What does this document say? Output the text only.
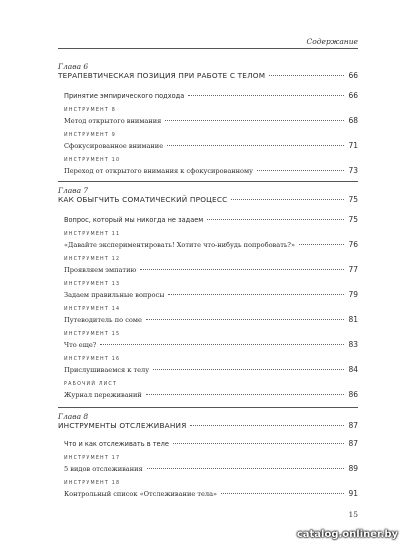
Содержание
Глава 6
ТЕРАПЕВТИЧЕСКАЯ ПОЗИЦИЯ ПРИ РАБОТЕ С ТЕЛОМ	66
Принятие эмпирического подхода	66
ИНСТРУМЕНТ 8
Метод открытого внимания	68
ИНСТРУМЕНТ 9
Сфокусированное внимание	71
ИНСТРУМЕНТ 10
Переход от открытого внимания к сфокусированному	73
Глава 7
КАК ОБЫГЧИТЬ СОМАТИЧЕСКИЙ ПРОЦЕСС	75
Вопрос, который мы никогда не задаем	75
ИНСТРУМЕНТ 11
«Давайте экспериментировать! Хотите что-нибудь попробовать?»	76
ИНСТРУМЕНТ 12
Проявляем эмпатию	77
ИНСТРУМЕНТ 13
Задаем правильные вопросы	79
ИНСТРУМЕНТ 14
Путеводитель по соме	81
ИНСТРУМЕНТ 15
Что еще?	83
ИНСТРУМЕНТ 16
Прислушиваемся к телу	84
РАБОЧИЙ ЛИСТ
Журнал переживаний	86
Глава 8
ИНСТРУМЕНТЫ ОТСЛЕЖИВАНИЯ	87
Что и как отслеживать в теле	87
ИНСТРУМЕНТ 17
5 видов отслеживания	89
ИНСТРУМЕНТ 18
Контрольный список «Отслеживание тела»	91
15
catalog.onliner.by
